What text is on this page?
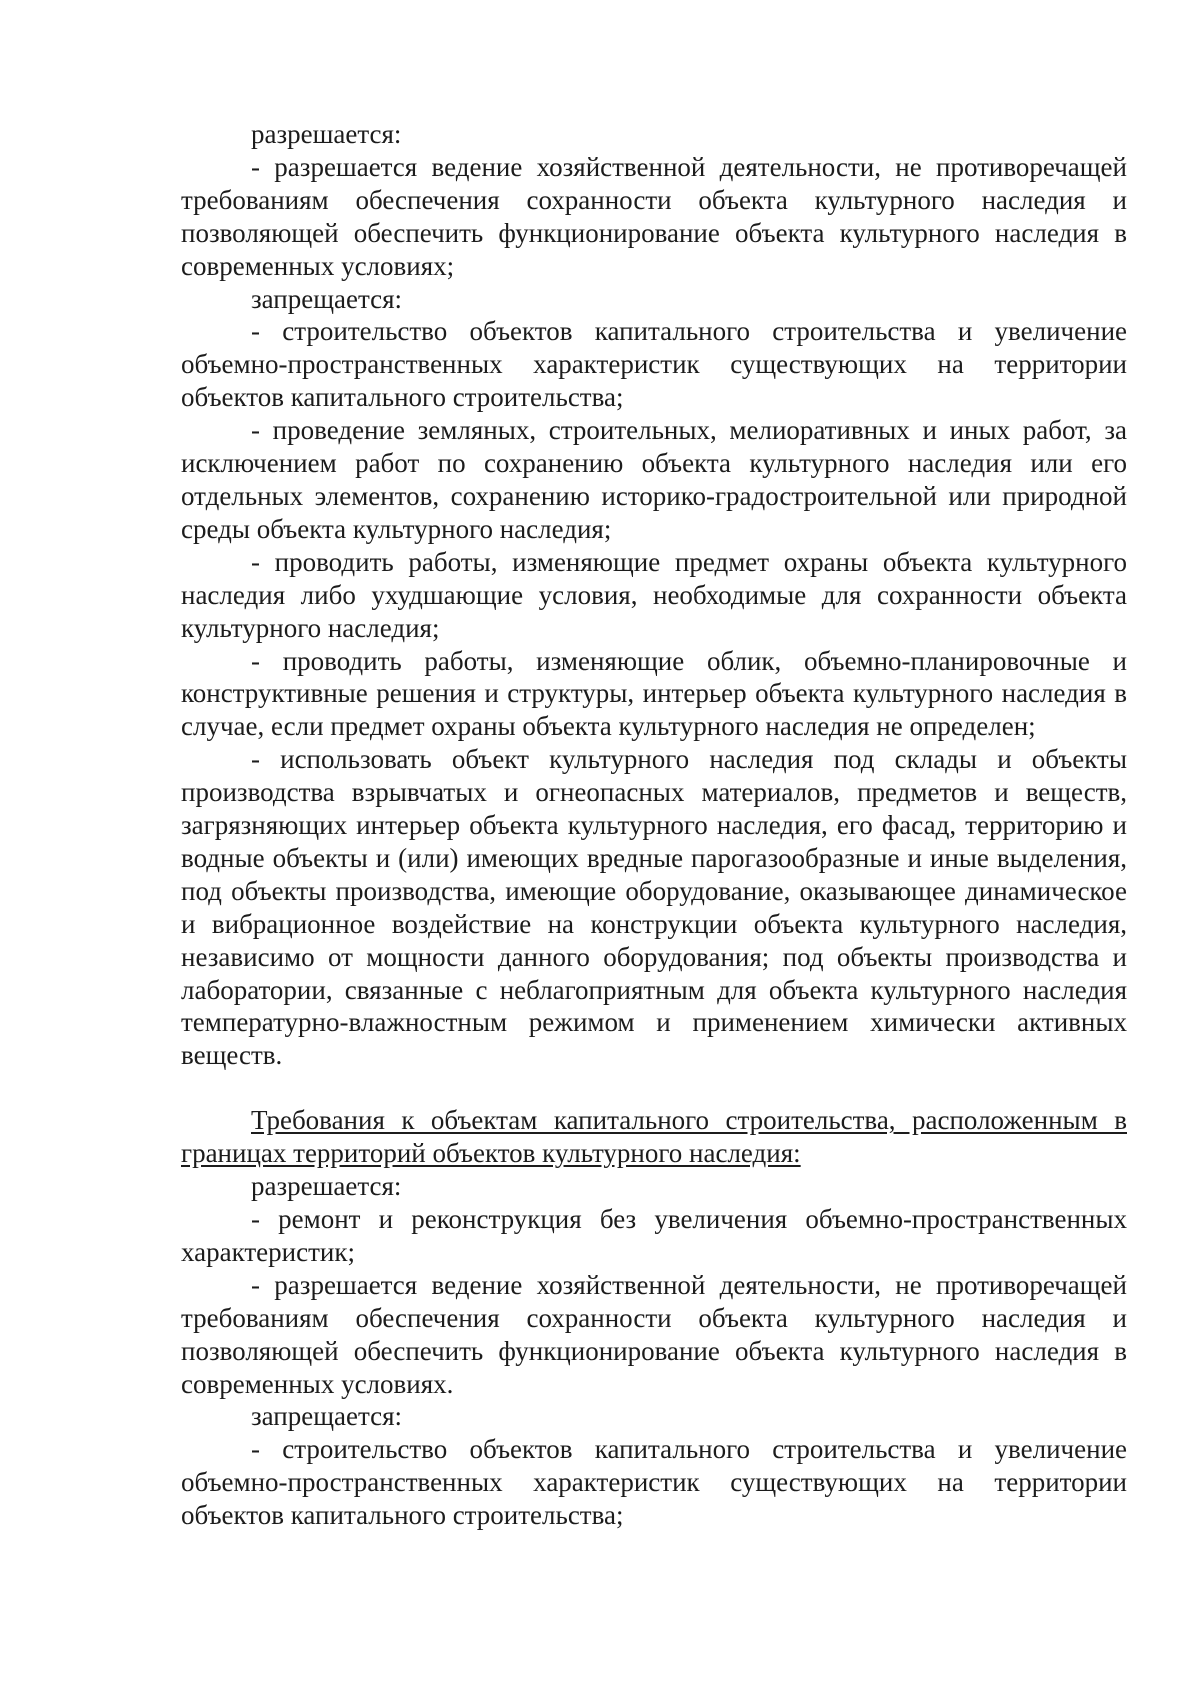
разрешается:

- разрешается ведение хозяйственной деятельности, не противоречащей требованиям обеспечения сохранности объекта культурного наследия и позволяющей обеспечить функционирование объекта культурного наследия в современных условиях;

запрещается:

- строительство объектов капитального строительства и увеличение объемно-пространственных характеристик существующих на территории объектов капитального строительства;

- проведение земляных, строительных, мелиоративных и иных работ, за исключением работ по сохранению объекта культурного наследия или его отдельных элементов, сохранению историко-градостроительной или природной среды объекта культурного наследия;

- проводить работы, изменяющие предмет охраны объекта культурного наследия либо ухудшающие условия, необходимые для сохранности объекта культурного наследия;

- проводить работы, изменяющие облик, объемно-планировочные и конструктивные решения и структуры, интерьер объекта культурного наследия в случае, если предмет охраны объекта культурного наследия не определен;

- использовать объект культурного наследия под склады и объекты производства взрывчатых и огнеопасных материалов, предметов и веществ, загрязняющих интерьер объекта культурного наследия, его фасад, территорию и водные объекты и (или) имеющих вредные парогазообразные и иные выделения, под объекты производства, имеющие оборудование, оказывающее динамическое и вибрационное воздействие на конструкции объекта культурного наследия, независимо от мощности данного оборудования; под объекты производства и лаборатории, связанные с неблагоприятным для объекта культурного наследия температурно-влажностным режимом и применением химически активных веществ.

Требования к объектам капитального строительства, расположенным в границах территорий объектов культурного наследия:

разрешается:

- ремонт и реконструкция без увеличения объемно-пространственных характеристик;

- разрешается ведение хозяйственной деятельности, не противоречащей требованиям обеспечения сохранности объекта культурного наследия и позволяющей обеспечить функционирование объекта культурного наследия в современных условиях.

запрещается:

- строительство объектов капитального строительства и увеличение объемно-пространственных характеристик существующих на территории объектов капитального строительства;
